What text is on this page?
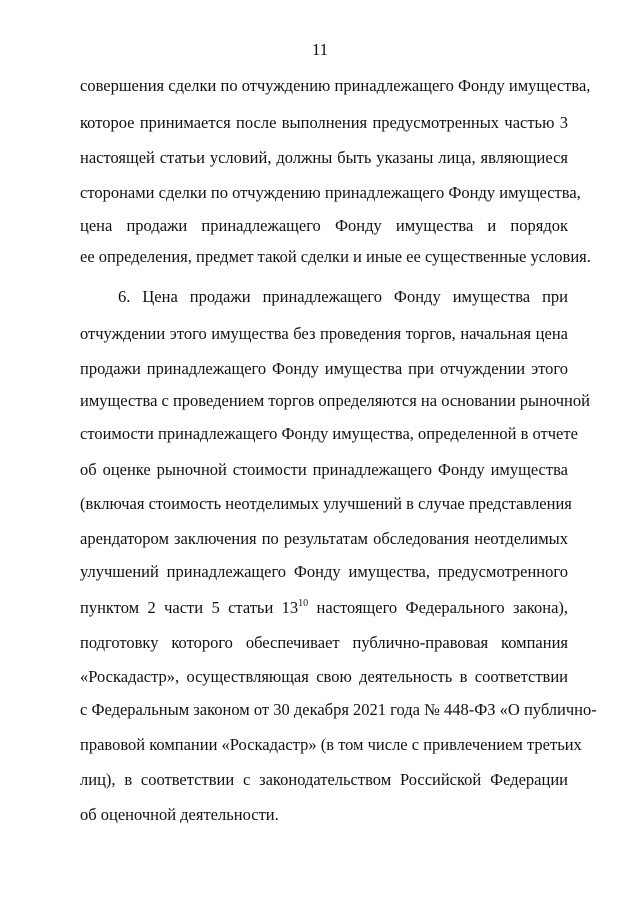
11
совершения сделки по отчуждению принадлежащего Фонду имущества,
которое принимается после выполнения предусмотренных частью 3
настоящей статьи условий, должны быть указаны лица, являющиеся
сторонами сделки по отчуждению принадлежащего Фонду имущества,
цена продажи принадлежащего Фонду имущества и порядок
ее определения, предмет такой сделки и иные ее существенные условия.
6. Цена продажи принадлежащего Фонду имущества при
отчуждении этого имущества без проведения торгов, начальная цена
продажи принадлежащего Фонду имущества при отчуждении этого
имущества с проведением торгов определяются на основании рыночной
стоимости принадлежащего Фонду имущества, определенной в отчете
об оценке рыночной стоимости принадлежащего Фонду имущества
(включая стоимость неотделимых улучшений в случае представления
арендатором заключения по результатам обследования неотделимых
улучшений принадлежащего Фонду имущества, предусмотренного
пунктом 2 части 5 статьи $13^{10}$ настоящего Федерального закона),
подготовку которого обеспечивает публично-правовая компания
«Роскадастр», осуществляющая свою деятельность в соответствии
с Федеральным законом от 30 декабря 2021 года № 448-ФЗ «О публично-
правовой компании «Роскадастр» (в том числе с привлечением третьих
лиц), в соответствии с законодательством Российской Федерации
об оценочной деятельности.
